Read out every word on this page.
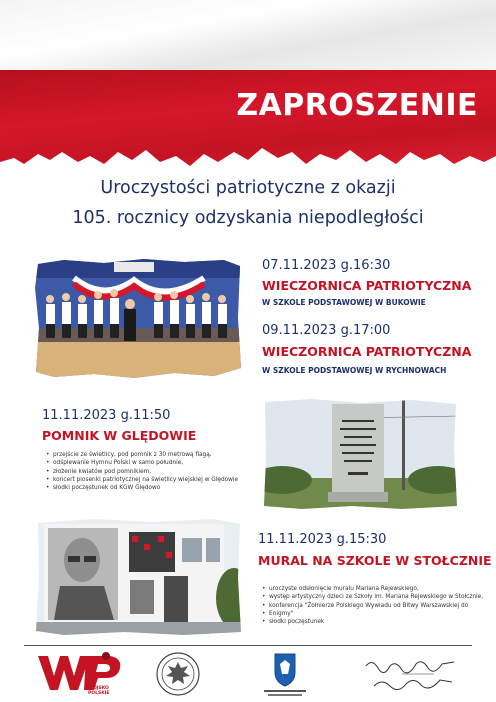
ZAPROSZENIE

Uroczystości patriotyczne z okazji

105. rocznicy odzyskania niepodległości

07.11.2023 g.16:30

WIECZORNICA PATRIOTYCZNA

W SZKOLE PODSTAWOWEJ W BUKOWIE

09.11.2023 g.17:00

WIECZORNICA PATRIOTYCZNA

W SZKOLE PODSTAWOWEJ W RYCHNOWACH

11.11.2023 g.11:50

POMNIK W GLĘDOWIE

• przejście ze świetlicy, pod pomnik z 30 metrową flagą,
• odśpiewanie Hymnu Polski w samo południe,
• złożenie kwiatów pod pomnikiem,
• koncert piosenki patriotycznej na świetlicy wiejskiej w Ględowie
• słodki poczęstunek od KGW Ględowo

11.11.2023 g.15:30

MURAL NA SZKOLE W STOŁCZNIE

• uroczyste odsłonięcie muralu Mariana Rejewskiego,
• występ artystyczny dzieci ze Szkoły im. Mariana Rejewskiego w Stołcznie,
• konferencja "Żołnierze Polskiego Wywiadu od Bitwy Warszawskiej do
• Enigmy"
• słodki poczęstunek

WOJSKO POLSKIE
